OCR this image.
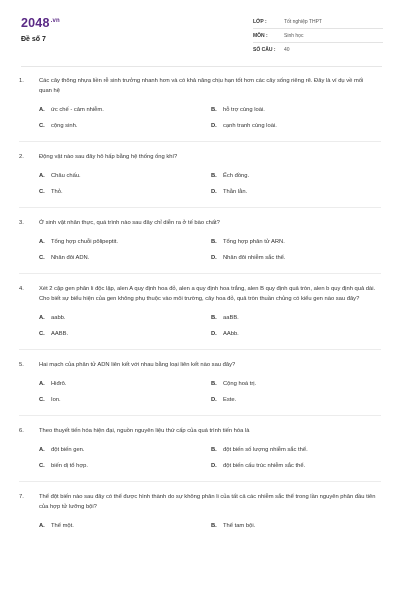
$2048^{.vn}$
Đề số 7
LỚP :	Tốt nghiệp THPT
MÔN :	Sinh học
SỐ CÂU :	40
1.	Các cây thông nhựa liền rễ sinh trưởng nhanh hơn và có khả năng chịu hạn tốt hơn các cây sống riêng rẽ. Đây là ví dụ về mối quan hệ
A.	ức chế - cảm nhiễm.	B.	hỗ trợ cùng loài.
C.	cộng sinh.	D.	cạnh tranh cùng loài.
2.	Động vật nào sau đây hô hấp bằng hệ thống ống khí?
A.	Châu chấu.	B.	Ếch đồng.
C.	Thỏ.	D.	Thằn lằn.
3.	Ở sinh vật nhân thực, quá trình nào sau đây chỉ diễn ra ở tế bào chất?
A.	Tổng hợp chuỗi pôlipeptit.	B.	Tổng hợp phân tử ARN.
C.	Nhân đôi ADN.	D.	Nhân đôi nhiễm sắc thể.
4.	Xét 2 cặp gen phân li độc lập, alen A quy định hoa đỏ, alen a quy định hoa trắng, alen B quy định quả tròn, alen b quy định quả dài. Cho biết sự biểu hiện của gen không phụ thuộc vào môi trường, cây hoa đỏ, quả tròn thuần chủng có kiểu gen nào sau đây?
A.	aabb.	B.	aaBB.
C.	AABB.	D.	AAbb.
5.	Hai mạch của phân tử ADN liên kết với nhau bằng loại liên kết nào sau đây?
A.	Hiđrô.	B.	Cộng hoá trị.
C.	Ion.	D.	Este.
6.	Theo thuyết tiến hóa hiện đại, nguồn nguyên liệu thứ cấp của quá trình tiến hóa là
A.	đột biến gen.	B.	đột biến số lượng nhiễm sắc thể.
C.	biến dị tổ hợp.	D.	đột biến cấu trúc nhiễm sắc thể.
7.	Thể đột biến nào sau đây có thể được hình thành do sự không phân li của tất cả các nhiễm sắc thể trong lần nguyên phân đầu tiên của hợp tử lưỡng bội?
A.	Thể một.	B.	Thể tam bội.
